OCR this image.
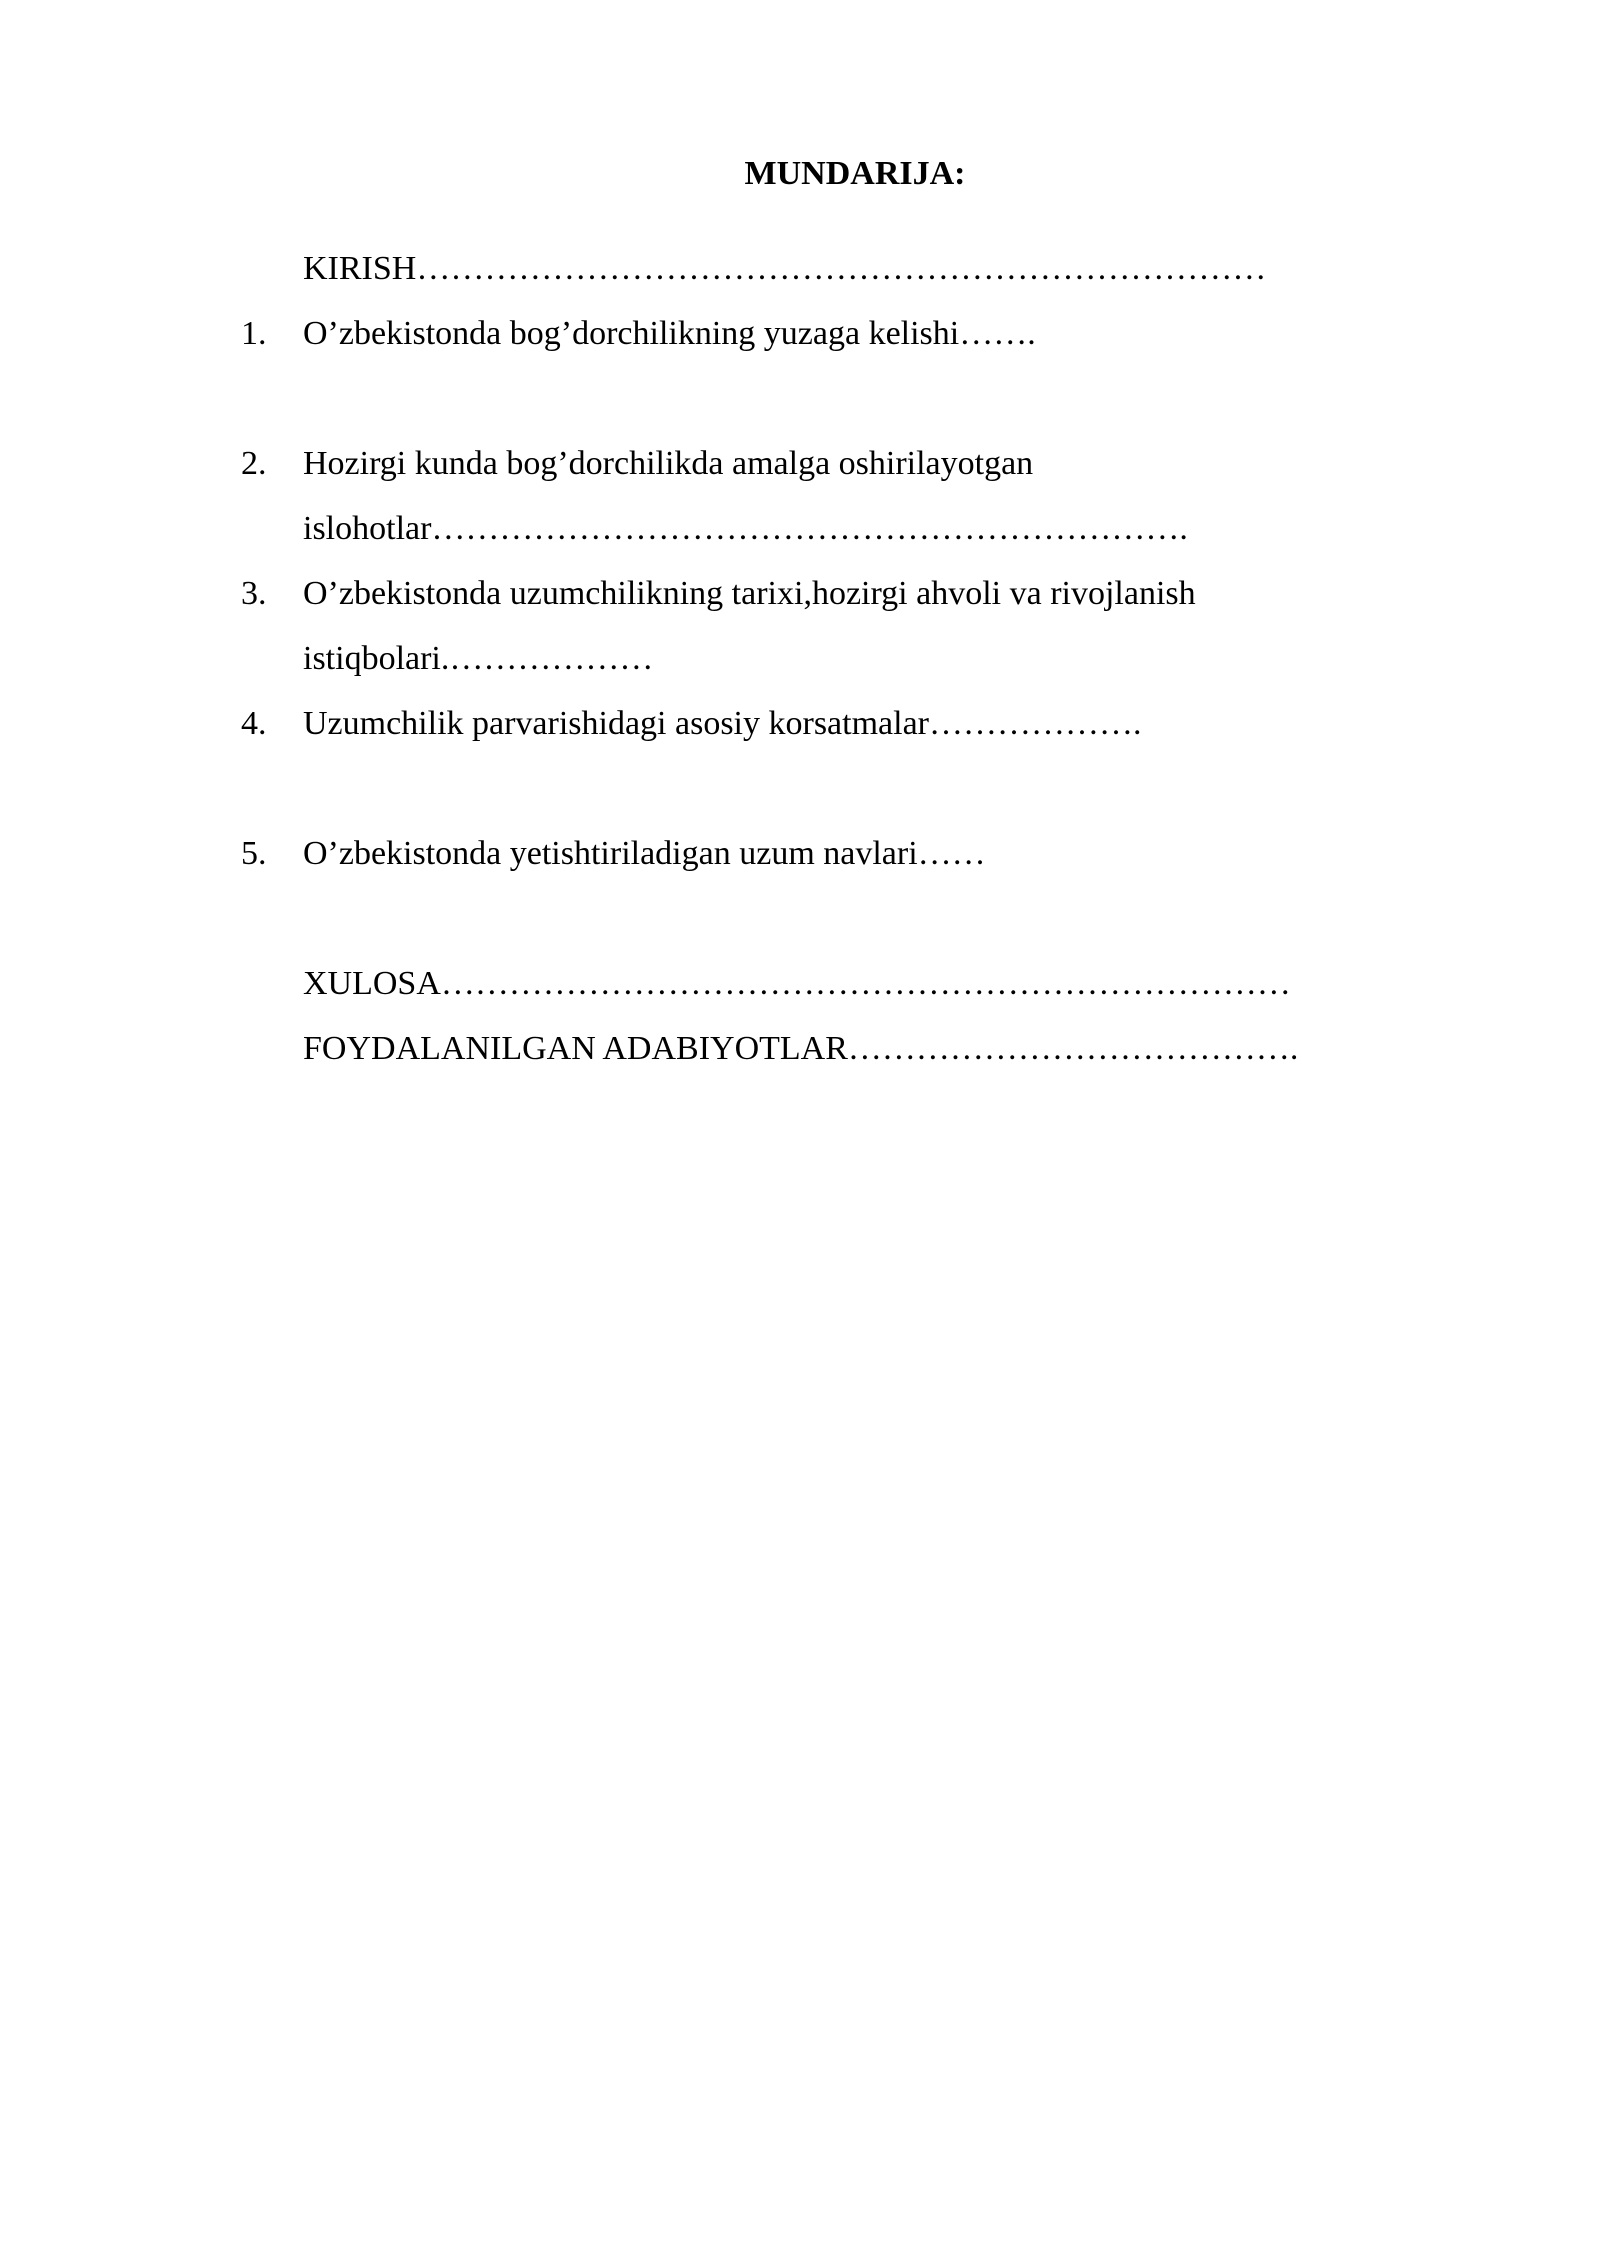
MUNDARIJA:
KIRISH…………………………………………………………………
1. O’zbekistonda bog’dorchilikning yuzaga kelishi…….
2. Hozirgi kunda bog’dorchilikda amalga oshirilayotgan
islohotlar………………………………………………………….
3. O’zbekistonda uzumchilikning tarixi,hozirgi ahvoli va rivojlanish
istiqbolari.………………
4. Uzumchilik parvarishidagi asosiy korsatmalar……………….
5. O’zbekistonda yetishtiriladigan uzum navlari……
XULOSA…………………………………………………………………
FOYDALANILGAN ADABIYOTLAR………………………………….
